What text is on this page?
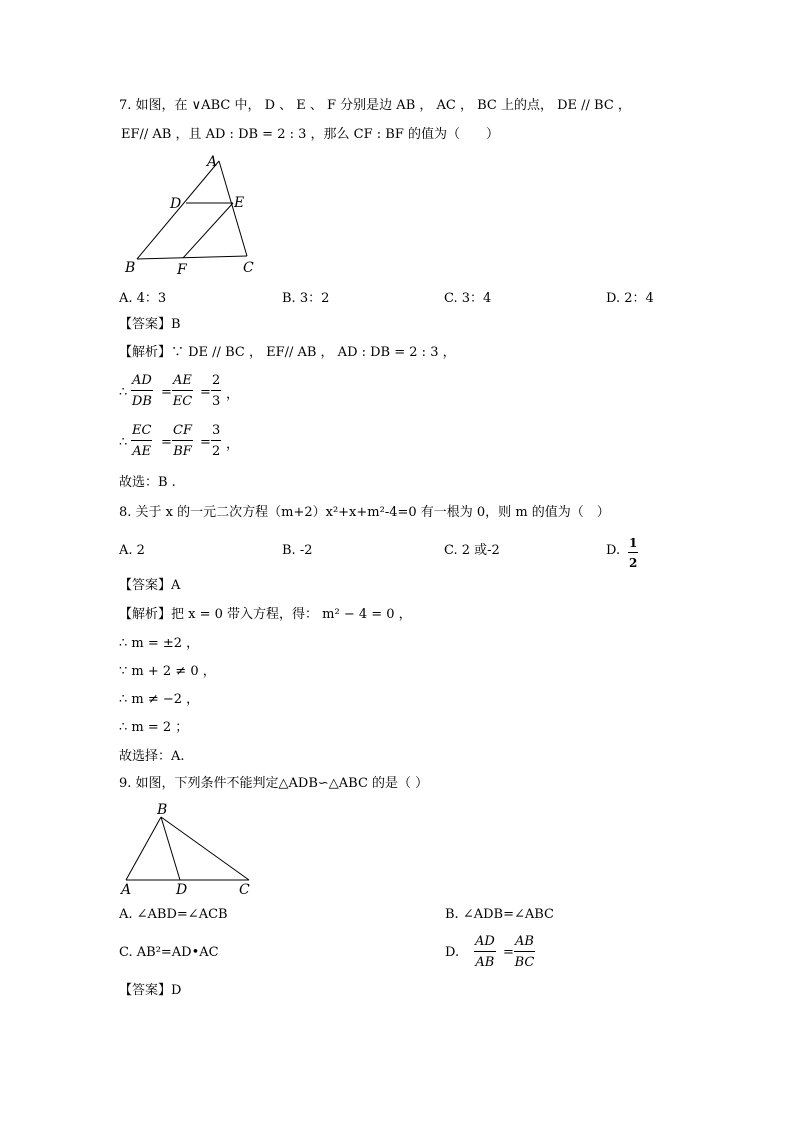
7. 如图，在 ∨ABC 中， D 、 E 、 F 分别是边 AB ， AC ， BC 上的点， DE // BC ，
EF// AB ，且 AD : DB = 2 : 3 ，那么 CF : BF 的值为（　　）
A
D	E
B	F	C
A. 4：3	B. 3：2	C. 3：4	D. 2：4
【答案】B
【解析】∵ DE // BC ， EF// AB ， AD : DB = 2 : 3 ，
∴ $\frac{AD}{DB} = \frac{AE}{EC} = \frac{2}{3}$ ，
∴ $\frac{EC}{AE} = \frac{CF}{BF} = \frac{3}{2}$ ，
故选：B .
8. 关于 x 的一元二次方程（m+2）x²+x+m²-4=0 有一根为 0，则 m 的值为（　）
A. 2	B. -2	C. 2 或-2	D. $\frac{1}{2}$
【答案】A
【解析】把 x = 0 带入方程，得： m² − 4 = 0 ，
∴ m = ±2 ，
∵ m + 2 ≠ 0 ，
∴ m ≠ −2 ，
∴ m = 2 ；
故选择：A.
9. 如图，下列条件不能判定△ADB∽△ABC 的是（ ）
B
A	D	C
A. ∠ABD=∠ACB	B. ∠ADB=∠ABC
C. AB²=AD•AC	D. $\frac{AD}{AB} = \frac{AB}{BC}$
【答案】D
